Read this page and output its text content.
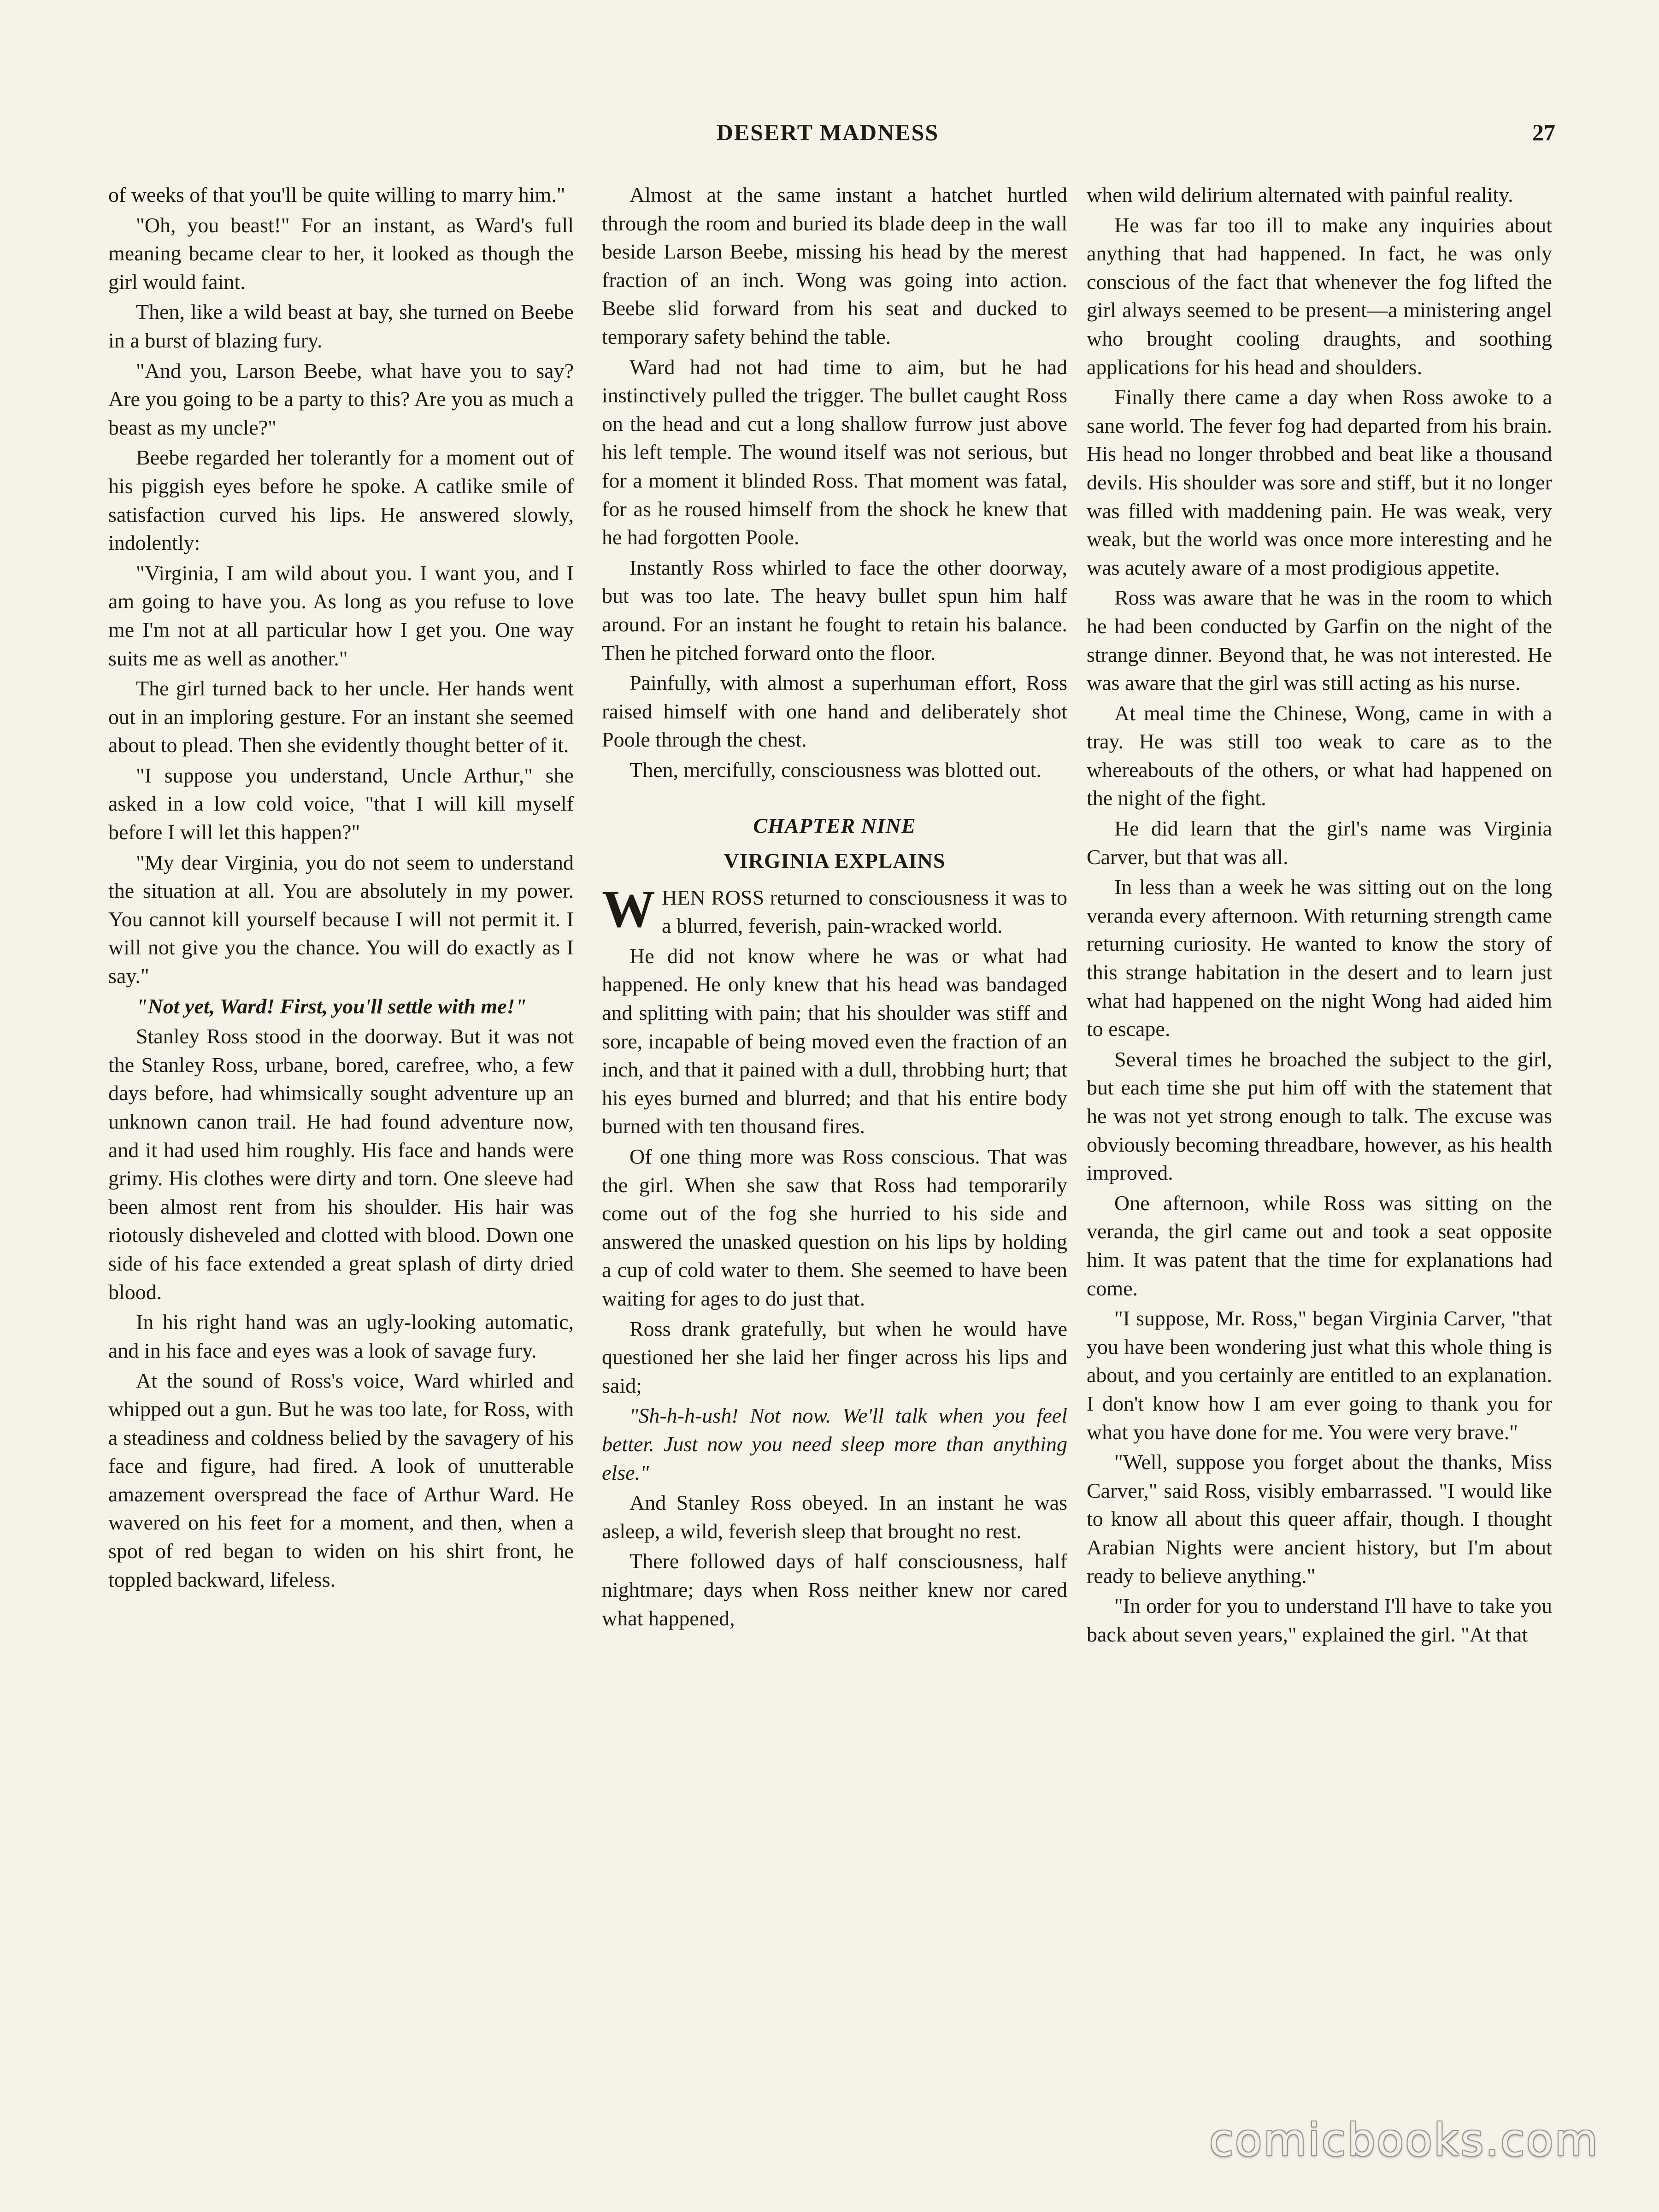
DESERT MADNESS	27

of weeks of that you'll be quite willing to marry him."

"Oh, you beast!" For an instant, as Ward's full meaning became clear to her, it looked as though the girl would faint.

Then, like a wild beast at bay, she turned on Beebe in a burst of blazing fury.

"And you, Larson Beebe, what have you to say? Are you going to be a party to this? Are you as much a beast as my uncle?"

Beebe regarded her tolerantly for a moment out of his piggish eyes before he spoke. A catlike smile of satisfaction curved his lips. He answered slowly, indolently:

"Virginia, I am wild about you. I want you, and I am going to have you. As long as you refuse to love me I'm not at all particular how I get you. One way suits me as well as another."

The girl turned back to her uncle. Her hands went out in an imploring gesture. For an instant she seemed about to plead. Then she evidently thought better of it.

"I suppose you understand, Uncle Arthur," she asked in a low cold voice, "that I will kill myself before I will let this happen?"

"My dear Virginia, you do not seem to understand the situation at all. You are absolutely in my power. You cannot kill yourself because I will not permit it. I will not give you the chance. You will do exactly as I say."

"Not yet, Ward! First, you'll settle with me!"

Stanley Ross stood in the doorway. But it was not the Stanley Ross, urbane, bored, carefree, who, a few days before, had whimsically sought adventure up an unknown canon trail. He had found adventure now, and it had used him roughly. His face and hands were grimy. His clothes were dirty and torn. One sleeve had been almost rent from his shoulder. His hair was riotously disheveled and clotted with blood. Down one side of his face extended a great splash of dirty dried blood.

In his right hand was an ugly-looking automatic, and in his face and eyes was a look of savage fury.

At the sound of Ross's voice, Ward whirled and whipped out a gun. But he was too late, for Ross, with a steadiness and coldness belied by the savagery of his face and figure, had fired. A look of unutterable amazement overspread the face of Arthur Ward. He wavered on his feet for a moment, and then, when a spot of red began to widen on his shirt front, he toppled backward, lifeless.

Almost at the same instant a hatchet hurtled through the room and buried its blade deep in the wall beside Larson Beebe, missing his head by the merest fraction of an inch. Wong was going into action. Beebe slid forward from his seat and ducked to temporary safety behind the table.

Ward had not had time to aim, but he had instinctively pulled the trigger. The bullet caught Ross on the head and cut a long shallow furrow just above his left temple. The wound itself was not serious, but for a moment it blinded Ross. That moment was fatal, for as he roused himself from the shock he knew that he had forgotten Poole.

Instantly Ross whirled to face the other doorway, but was too late. The heavy bullet spun him half around. For an instant he fought to retain his balance. Then he pitched forward onto the floor.

Painfully, with almost a superhuman effort, Ross raised himself with one hand and deliberately shot Poole through the chest.

Then, mercifully, consciousness was blotted out.

CHAPTER NINE
VIRGINIA EXPLAINS

WHEN ROSS returned to consciousness it was to a blurred, feverish, pain-wracked world.

He did not know where he was or what had happened. He only knew that his head was bandaged and splitting with pain; that his shoulder was stiff and sore, incapable of being moved even the fraction of an inch, and that it pained with a dull, throbbing hurt; that his eyes burned and blurred; and that his entire body burned with ten thousand fires.

Of one thing more was Ross conscious. That was the girl. When she saw that Ross had temporarily come out of the fog she hurried to his side and answered the unasked question on his lips by holding a cup of cold water to them. She seemed to have been waiting for ages to do just that.

Ross drank gratefully, but when he would have questioned her she laid her finger across his lips and said;

"Sh-h-h-ush! Not now. We'll talk when you feel better. Just now you need sleep more than anything else."

And Stanley Ross obeyed. In an instant he was asleep, a wild, feverish sleep that brought no rest.

There followed days of half consciousness, half nightmare; days when Ross neither knew nor cared what happened,

when wild delirium alternated with painful reality.

He was far too ill to make any inquiries about anything that had happened. In fact, he was only conscious of the fact that whenever the fog lifted the girl always seemed to be present—a ministering angel who brought cooling draughts, and soothing applications for his head and shoulders.

Finally there came a day when Ross awoke to a sane world. The fever fog had departed from his brain. His head no longer throbbed and beat like a thousand devils. His shoulder was sore and stiff, but it no longer was filled with maddening pain. He was weak, very weak, but the world was once more interesting and he was acutely aware of a most prodigious appetite.

Ross was aware that he was in the room to which he had been conducted by Garfin on the night of the strange dinner. Beyond that, he was not interested. He was aware that the girl was still acting as his nurse.

At meal time the Chinese, Wong, came in with a tray. He was still too weak to care as to the whereabouts of the others, or what had happened on the night of the fight.

He did learn that the girl's name was Virginia Carver, but that was all.

In less than a week he was sitting out on the long veranda every afternoon. With returning strength came returning curiosity. He wanted to know the story of this strange habitation in the desert and to learn just what had happened on the night Wong had aided him to escape.

Several times he broached the subject to the girl, but each time she put him off with the statement that he was not yet strong enough to talk. The excuse was obviously becoming threadbare, however, as his health improved.

One afternoon, while Ross was sitting on the veranda, the girl came out and took a seat opposite him. It was patent that the time for explanations had come.

"I suppose, Mr. Ross," began Virginia Carver, "that you have been wondering just what this whole thing is about, and you certainly are entitled to an explanation. I don't know how I am ever going to thank you for what you have done for me. You were very brave."

"Well, suppose you forget about the thanks, Miss Carver," said Ross, visibly embarrassed. "I would like to know all about this queer affair, though. I thought Arabian Nights were ancient history, but I'm about ready to believe anything."

"In order for you to understand I'll have to take you back about seven years," explained the girl. "At that

comicbooks.com
